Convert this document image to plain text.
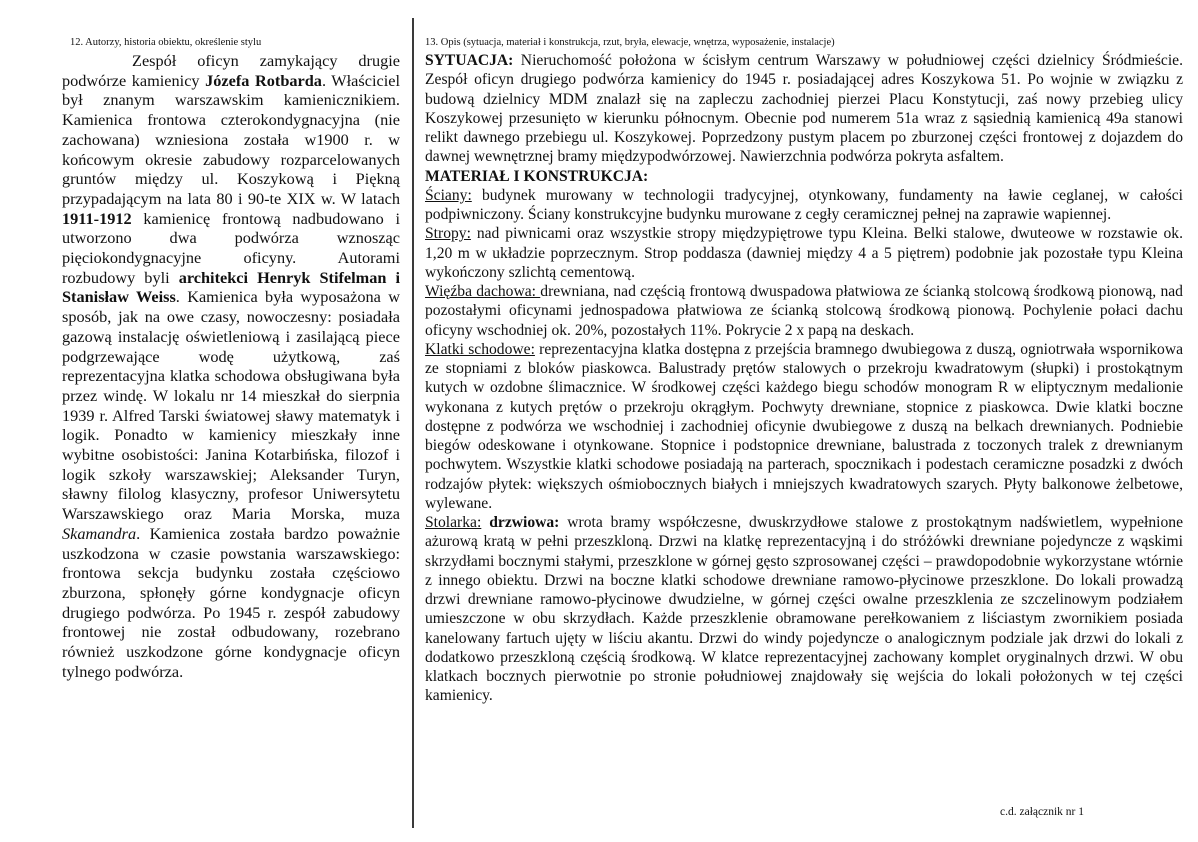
12. Autorzy, historia obiektu, określenie stylu

Zespół oficyn zamykający drugie podwórze kamienicy Józefa Rotbarda. Właściciel był znanym warszawskim kamienicznikiem. Kamienica frontowa czterokondygnacyjna (nie zachowana) wzniesiona została w1900 r. w końcowym okresie zabudowy rozparcelowanych gruntów między ul. Koszykową i Piękną przypadającym na lata 80 i 90-te XIX w. W latach 1911-1912 kamienicę frontową nadbudowano i utworzono dwa podwórza wznosząc pięciokondygnacyjne oficyny. Autorami rozbudowy byli architekci Henryk Stifelman i Stanisław Weiss. Kamienica była wyposażona w sposób, jak na owe czasy, nowoczesny: posiadała gazową instalację oświetleniową i zasilającą piece podgrzewające wodę użytkową, zaś reprezentacyjna klatka schodowa obsługiwana była przez windę. W lokalu nr 14 mieszkał do sierpnia 1939 r. Alfred Tarski światowej sławy matematyk i logik. Ponadto w kamienicy mieszkały inne wybitne osobistości: Janina Kotarbińska, filozof i logik szkoły warszawskiej; Aleksander Turyn, sławny filolog klasyczny, profesor Uniwersytetu Warszawskiego oraz Maria Morska, muza Skamandra. Kamienica została bardzo poważnie uszkodzona w czasie powstania warszawskiego: frontowa sekcja budynku została częściowo zburzona, spłonęły górne kondygnacje oficyn drugiego podwórza. Po 1945 r. zespół zabudowy frontowej nie został odbudowany, rozebrano również uszkodzone górne kondygnacje oficyn tylnego podwórza.

13. Opis (sytuacja, materiał i konstrukcja, rzut, bryła, elewacje, wnętrza, wyposażenie, instalacje)

SYTUACJA: Nieruchomość położona w ścisłym centrum Warszawy w południowej części dzielnicy Śródmieście. Zespół oficyn drugiego podwórza kamienicy do 1945 r. posiadającej adres Koszykowa 51. Po wojnie w związku z budową dzielnicy MDM znalazł się na zapleczu zachodniej pierzei Placu Konstytucji, zaś nowy przebieg ulicy Koszykowej przesunięto w kierunku północnym. Obecnie pod numerem 51a wraz z sąsiednią kamienicą 49a stanowi relikt dawnego przebiegu ul. Koszykowej. Poprzedzony pustym placem po zburzonej części frontowej z dojazdem do dawnej wewnętrznej bramy międzypodwórzowej. Nawierzchnia podwórza pokryta asfaltem.

MATERIAŁ I KONSTRUKCJA:

Ściany: budynek murowany w technologii tradycyjnej, otynkowany, fundamenty na ławie ceglanej, w całości podpiwniczony. Ściany konstrukcyjne budynku murowane z cegły ceramicznej pełnej na zaprawie wapiennej.

Stropy: nad piwnicami oraz wszystkie stropy międzypiętrowe typu Kleina. Belki stalowe, dwuteowe w rozstawie ok. 1,20 m w układzie poprzecznym. Strop poddasza (dawniej między 4 a 5 piętrem) podobnie jak pozostałe typu Kleina wykończony szlichtą cementową.

Więźba dachowa: drewniana, nad częścią frontową dwuspadowa płatwiowa ze ścianką stolcową środkową pionową, nad pozostałymi oficynami jednospadowa płatwiowa ze ścianką stolcową środkową pionową. Pochylenie połaci dachu oficyny wschodniej ok. 20%, pozostałych 11%. Pokrycie 2 x papą na deskach.

Klatki schodowe: reprezentacyjna klatka dostępna z przejścia bramnego dwubiegowa z duszą, ogniotrwała wspornikowa ze stopniami z bloków piaskowca. Balustrady prętów stalowych o przekroju kwadratowym (słupki) i prostokątnym kutych w ozdobne ślimacznice. W środkowej części każdego biegu schodów monogram R w eliptycznym medalionie wykonana z kutych prętów o przekroju okrągłym. Pochwyty drewniane, stopnice z piaskowca. Dwie klatki boczne dostępne z podwórza we wschodniej i zachodniej oficynie dwubiegowe z duszą na belkach drewnianych. Podniebie biegów odeskowane i otynkowane. Stopnice i podstopnice drewniane, balustrada z toczonych tralek z drewnianym pochwytem. Wszystkie klatki schodowe posiadają na parterach, spocznikach i podestach ceramiczne posadzki z dwóch rodzajów płytek: większych ośmiobocznych białych i mniejszych kwadratowych szarych. Płyty balkonowe żelbetowe, wylewane.

Stolarka: drzwiowa: wrota bramy współczesne, dwuskrzydłowe stalowe z prostokątnym nadświetlem, wypełnione ażurową kratą w pełni przeszkloną. Drzwi na klatkę reprezentacyjną i do stróżówki drewniane pojedyncze z wąskimi skrzydłami bocznymi stałymi, przeszklone w górnej gęsto szprosowanej części – prawdopodobnie wykorzystane wtórnie z innego obiektu. Drzwi na boczne klatki schodowe drewniane ramowo-płycinowe przeszklone. Do lokali prowadzą drzwi drewniane ramowo-płycinowe dwudzielne, w górnej części owalne przeszklenia ze szczelinowym podziałem umieszczone w obu skrzydłach. Każde przeszklenie obramowane perełkowaniem z liściastym zwornikiem posiada kanelowany fartuch ujęty w liściu akantu. Drzwi do windy pojedyncze o analogicznym podziale jak drzwi do lokali z dodatkowo przeszkloną częścią środkową. W klatce reprezentacyjnej zachowany komplet oryginalnych drzwi. W obu klatkach bocznych pierwotnie po stronie południowej znajdowały się wejścia do lokali położonych w tej części kamienicy.

c.d. załącznik nr 1
